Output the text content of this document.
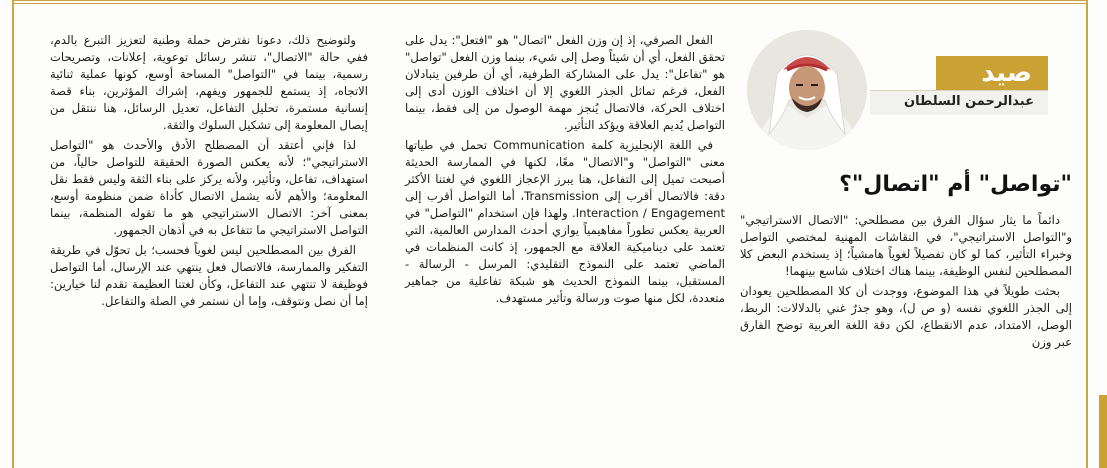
صيد
عبدالرحمن السلطان
"تواصل" أم "اتصال"؟

دائماً ما يثار سؤال الفرق بين مصطلحي: "الاتصال الاستراتيجي" و"التواصل الاستراتيجي"، في النقاشات المهنية لمختصي التواصل وخبراء التأثير، كما لو كان تفصيلاً لغوياً هامشياً؛ إذ يستخدم البعض كلا المصطلحين لنفس الوظيفة، بينما هناك اختلاف شاسع بينهما!

بحثت طويلاً في هذا الموضوع، ووجدت أن كلا المصطلحين يعودان إلى الجذر اللغوي نفسه (و ص ل)، وهو جذرٌ غني بالدلالات: الربط، الوصل، الامتداد، عدم الانقطاع، لكن دقة اللغة العربية توضح الفارق عبر وزن

الفعل الصرفي، إذ إن وزن الفعل "اتصال" هو "افتعل": يدل على تحقق الفعل، أي أن شيئاً وصل إلى شيء، بينما وزن الفعل "تواصل" هو "تفاعل": يدل على المشاركة الطرفية، أي أن طرفين يتبادلان الفعل، فرغم تماثل الجذر اللغوي إلا أن اختلاف الوزن أدى إلى اختلاف الحركة، فالاتصال يُنجز مهمة الوصول من إلى فقط، بينما التواصل يُديم العلاقة ويؤكد التأثير.

في اللغة الإنجليزية كلمة Communication تحمل في طياتها معنى "التواصل" و"الاتصال" معًا، لكنها في الممارسة الحديثة أصبحت تميل إلى التفاعل، هنا يبرز الإعجاز اللغوي في لغتنا الأكثر دقة: فالاتصال أقرب إلى Transmission، أما التواصل أقرب إلى Interaction / Engagement. ولهذا فإن استخدام "التواصل" في العربية يعكس تطوراً مفاهيمياً يوازي أحدث المدارس العالمية، التي تعتمد على ديناميكية العلاقة مع الجمهور، إذ كانت المنظمات في الماضي تعتمد على النموذج التقليدي: المرسل - الرسالة - المستقبل، بينما النموذج الحديث هو شبكة تفاعلية من جماهير متعددة، لكل منها صوت ورسالة وتأثير مستهدف.

ولتوضيح ذلك، دعونا نفترض حملة وطنية لتعزيز التبرع بالدم، ففي حالة "الاتصال"، تنشر رسائل توعوية، إعلانات، وتصريحات رسمية، بينما في "التواصل" المساحة أوسع، كونها عملية ثنائية الاتجاه، إذ يستمع للجمهور ويفهم، إشراك المؤثرين، بناء قصة إنسانية مستمرة، تحليل التفاعل، تعديل الرسائل، هنا ننتقل من إيصال المعلومة إلى تشكيل السلوك والثقة.

لذا فإني أعتقد أن المصطلح الأدق والأحدث هو "التواصل الاستراتيجي"؛ لأنه يعكس الصورة الحقيقة للتواصل حالياً، من استهداف، تفاعل، وتأثير، ولأنه يركز على بناء الثقة وليس فقط نقل المعلومة؛ والأهم لأنه يشمل الاتصال كأداة ضمن منظومة أوسع، بمعنى آخر: الاتصال الاستراتيجي هو ما تقوله المنظمة، بينما التواصل الاستراتيجي ما تتفاعل به في أذهان الجمهور.

الفرق بين المصطلحين ليس لغوياً فحسب؛ بل تحوّل في طريقة التفكير والممارسة، فالاتصال فعل ينتهي عند الإرسال، أما التواصل فوظيفة لا تنتهي عند التفاعل، وكأن لغتنا العظيمة تقدم لنا خيارين: إما أن نصل ونتوقف، وإما أن نستمر في الصلة والتفاعل.
